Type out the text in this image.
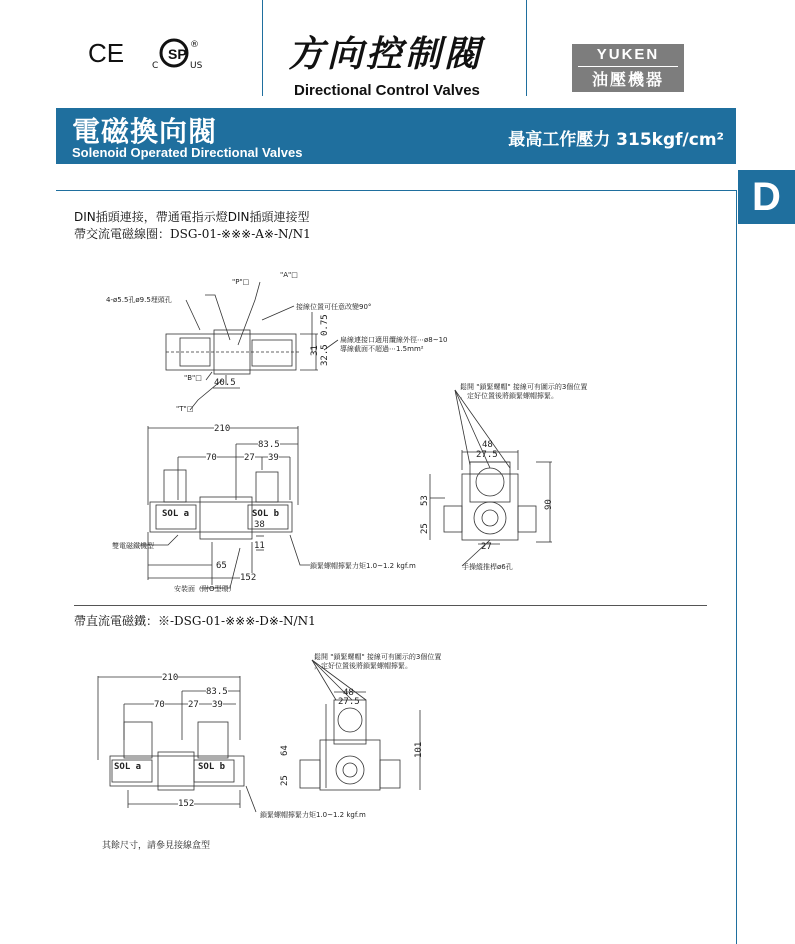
CE	SP
®
C	US 方向控制閥
Directional Control Valves
YUKEN
油壓機器
電磁換向閥
Solenoid Operated Directional Valves
最高工作壓力 315kgf/cm²
D
DIN插頭連接，帶通電指示燈DIN插頭連接型
帶交流電磁線圈：DSG-01-※※※-A※-N/N1
"P"□
"A"□
4-ø5.5孔ø9.5埋頭孔
接線位置可任意改變90°
0.75
31 32.5
扁線連接口適用纜線外徑⋯ø8~10
導線截面不超過⋯1.5mm²
"B"□ 40.5
"T"□
鬆開 "鎖緊螺帽" 接線可有圖示的3個位置
，定好位置後將鎖緊螺帽擰緊。
210
83.5
70	27 39
SOL a	SOL b
38
雙電磁鐵機型	11
鎖緊螺帽擰緊力矩1.0~1.2 kgf.m
65
152
安裝面（附O型環）
48
27.5
53
25
90
27
手操縱推桿ø6孔
帶直流電磁鐵：※-DSG-01-※※※-D※-N/N1
鬆開 "鎖緊螺帽" 接線可有圖示的3個位置
，定好位置後將鎖緊螺帽擰緊。
210
83.5
70	27 39
SOL a	SOL b
152
鎖緊螺帽擰緊力矩1.0~1.2 kgf.m
48
27.5
64
25
101
其餘尺寸，請參見接線盒型
